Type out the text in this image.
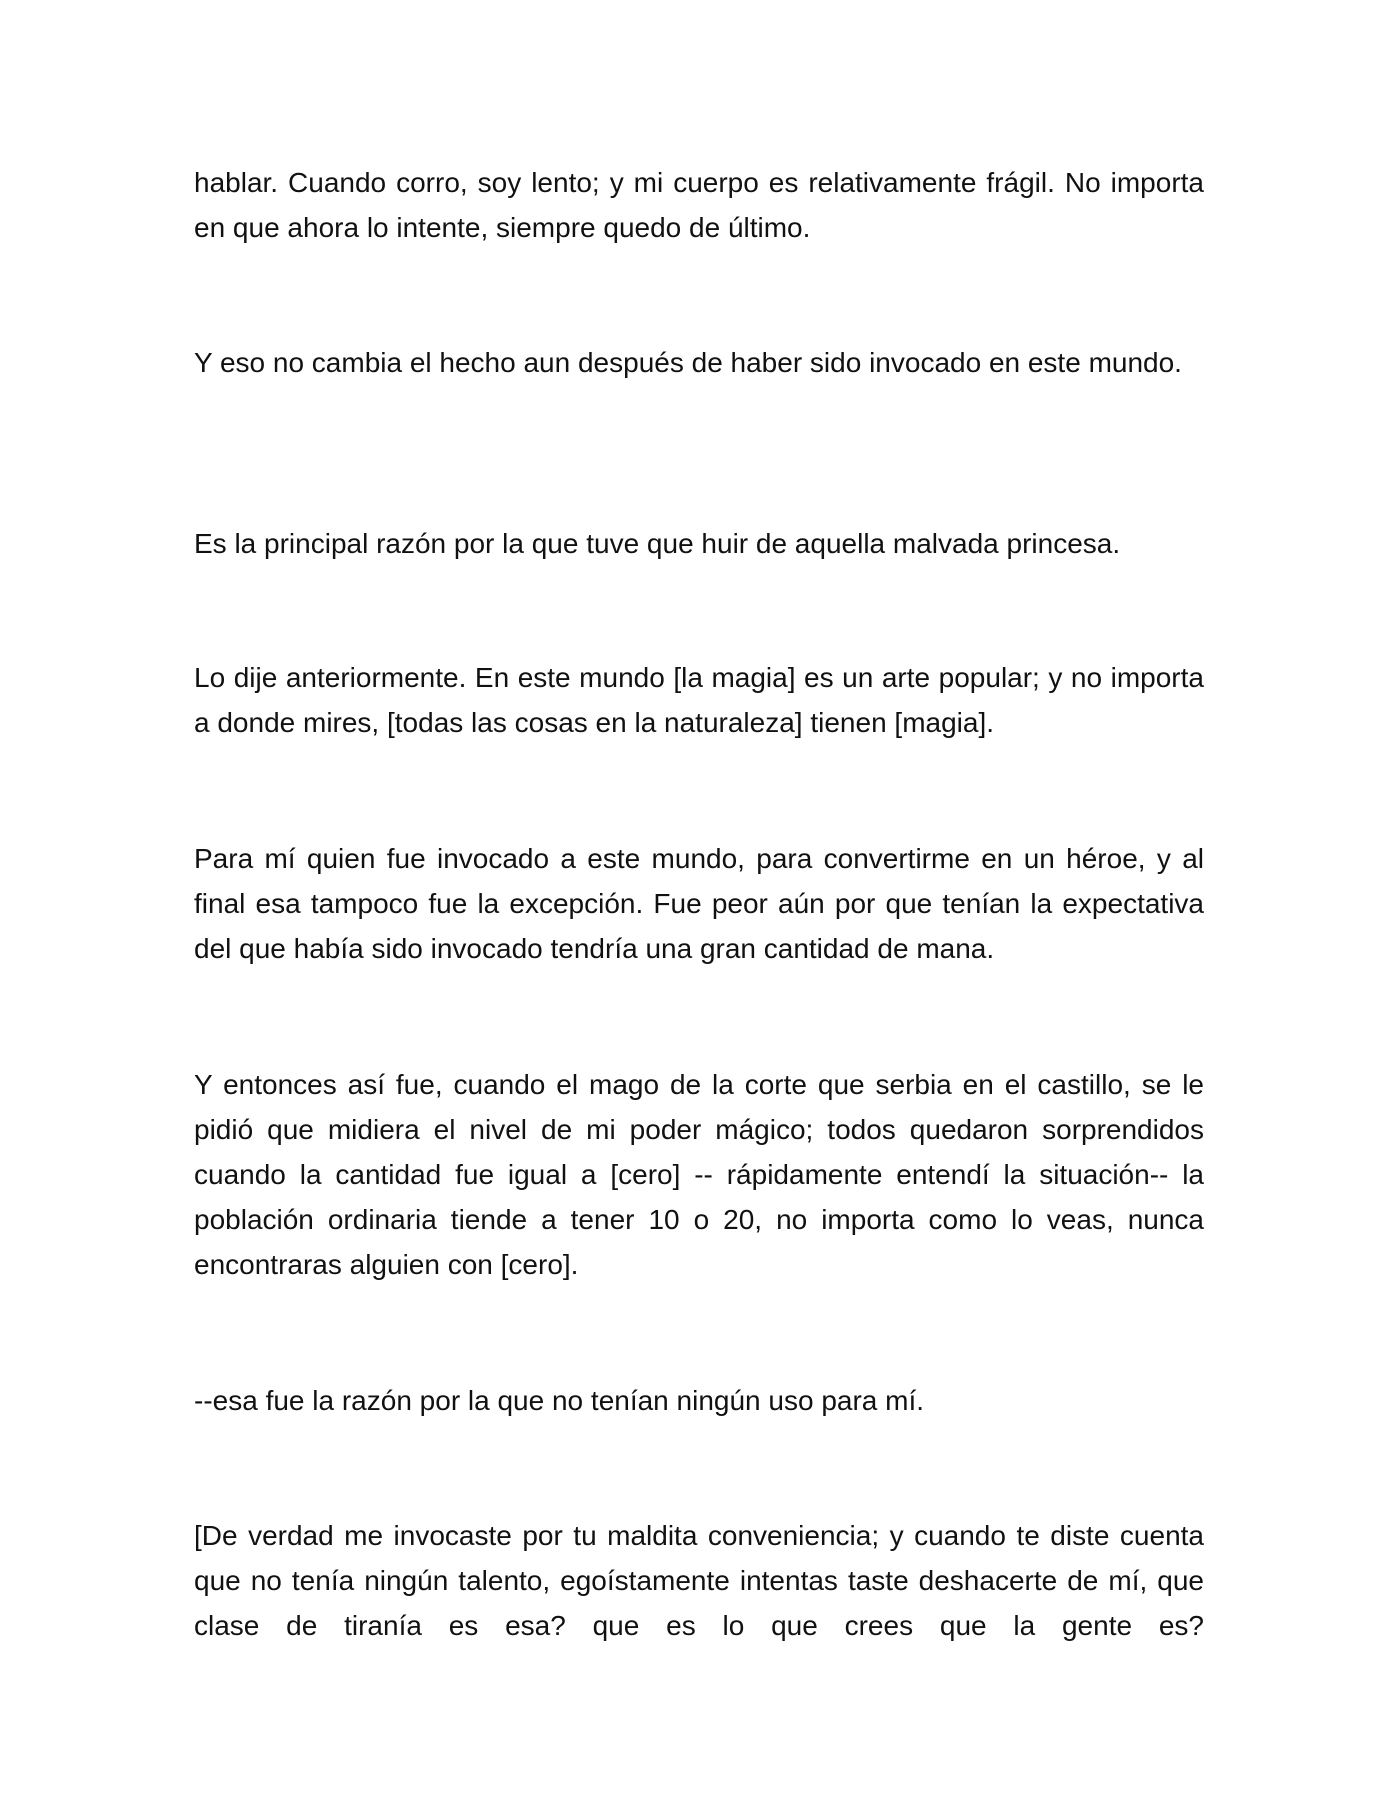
hablar. Cuando corro, soy lento; y mi cuerpo es relativamente frágil. No importa en que ahora lo intente, siempre quedo de último.

Y eso no cambia el hecho aun después de haber sido invocado en este mundo.

Es la principal razón por la que tuve que huir de aquella malvada princesa.

Lo dije anteriormente. En este mundo [la magia] es un arte popular; y no importa a donde mires, [todas las cosas en la naturaleza] tienen [magia].

Para mí quien fue invocado a este mundo, para convertirme en un héroe, y al final esa tampoco fue la excepción. Fue peor aún por que tenían la expectativa del que había sido invocado tendría una gran cantidad de mana.

Y entonces así fue, cuando el mago de la corte que serbia en el castillo, se le pidió que midiera el nivel de mi poder mágico; todos quedaron sorprendidos cuando la cantidad fue igual a [cero] -- rápidamente entendí la situación-- la población ordinaria tiende a tener 10 o 20, no importa como lo veas, nunca encontraras alguien con [cero].

--esa fue la razón por la que no tenían ningún uso para mí.

[De verdad me invocaste por tu maldita conveniencia; y cuando te diste cuenta que no tenía ningún talento, egoístamente intentas taste deshacerte de mí, que clase de tiranía es esa? que es lo que crees que la gente es?
